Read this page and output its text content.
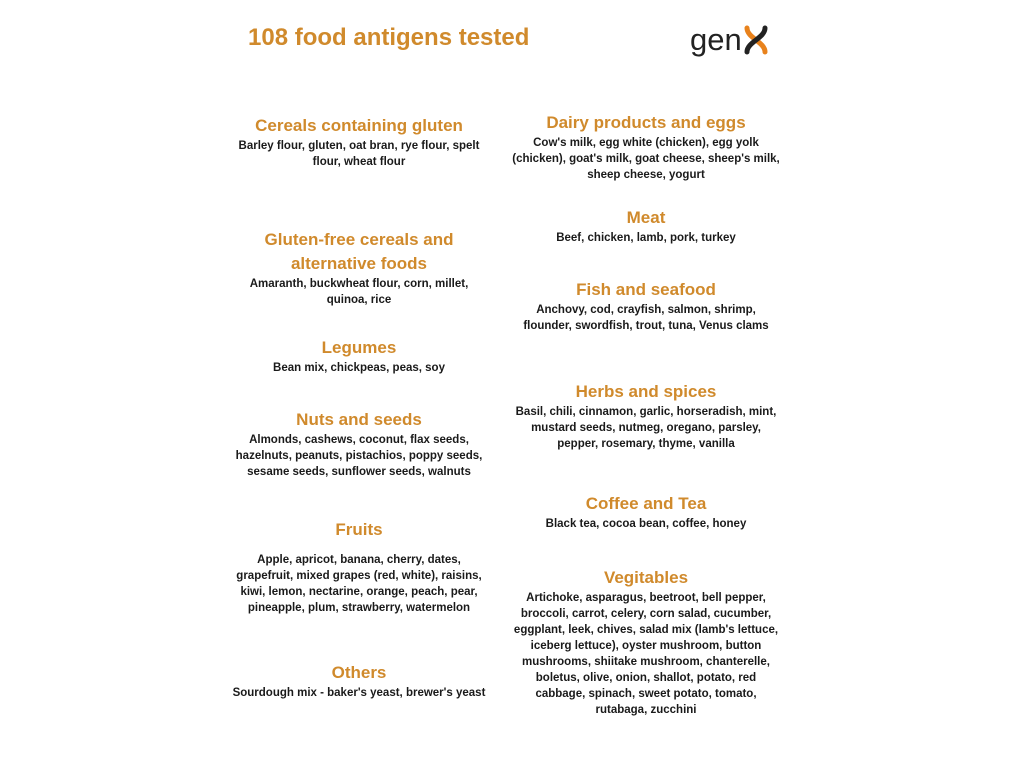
108 food antigens tested	gen
Cereals containing gluten

Barley flour, gluten, oat bran, rye flour, spelt flour, wheat flour

Gluten-free cereals and alternative foods

Amaranth, buckwheat flour, corn, millet, quinoa, rice

Legumes

Bean mix, chickpeas, peas, soy

Nuts and seeds

Almonds, cashews, coconut, flax seeds, hazelnuts, peanuts, pistachios, poppy seeds, sesame seeds, sunflower seeds, walnuts

Fruits

Apple, apricot, banana, cherry, dates, grapefruit, mixed grapes (red, white), raisins, kiwi, lemon, nectarine, orange, peach, pear, pineapple, plum, strawberry, watermelon

Others

Sourdough mix - baker's yeast, brewer's yeast

Dairy products and eggs

Cow's milk, egg white (chicken), egg yolk (chicken), goat's milk, goat cheese, sheep's milk, sheep cheese, yogurt

Meat

Beef, chicken, lamb, pork, turkey

Fish and seafood

Anchovy, cod, crayfish, salmon, shrimp, flounder, swordfish, trout, tuna, Venus clams

Herbs and spices

Basil, chili, cinnamon, garlic, horseradish, mint, mustard seeds, nutmeg, oregano, parsley, pepper, rosemary, thyme, vanilla

Coffee and Tea

Black tea, cocoa bean, coffee, honey

Vegitables

Artichoke, asparagus, beetroot, bell pepper, broccoli, carrot, celery, corn salad, cucumber, eggplant, leek, chives, salad mix (lamb's lettuce, iceberg lettuce), oyster mushroom, button mushrooms, shiitake mushroom, chanterelle, boletus, olive, onion, shallot, potato, red cabbage, spinach, sweet potato, tomato, rutabaga, zucchini
